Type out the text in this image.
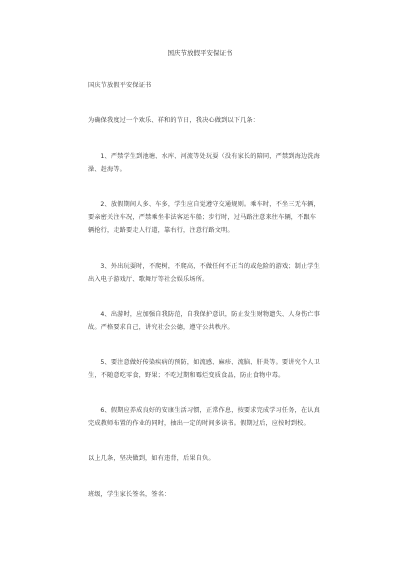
国庆节放假平安保证书

国庆节放假平安保证书

为确保我度过一个欢乐、祥和的节日，我决心做到以下几条：

1、严禁学生到池塘、水库、河流等处玩耍（没有家长的陪同，严禁到海边洗海澡、赶海等。

2、放假期间人多、车多，学生应自觉遵守交通规则。乘车时，不坐三无车辆，要亲密关注车况，严禁乘坐非法客运车船；步行时，过马路注意来往车辆，不跟车辆抢行，走路要走人行道，靠右行，注意行路文明。

3、外出玩耍时，不爬树，不爬高，不做任何不正当的或危险的游戏；制止学生出入电子游戏厅、歌舞厅等社会娱乐场所。

4、出游时，应加强自我防范，自我保护意识，防止发生财物遗失、人身伤亡事故。严格要求自己，讲究社会公德，遵守公共秩序。

5、要注意做好传染疾病的预防，如流感、麻疹、流脑、肝炎等。要讲究个人卫生，不随意吃零食，野果；不吃过期和霉烂变质食品，防止食物中毒。

6、假期应养成良好的安康生活习惯，正常作息，按要求完成学习任务，在认真完成教师布置的作业的同时，抽出一定的时间多读书。假期过后，应按时到校。

以上几条，坚决做到，如有违背，后果自负。

班级，学生家长签名，签名：
